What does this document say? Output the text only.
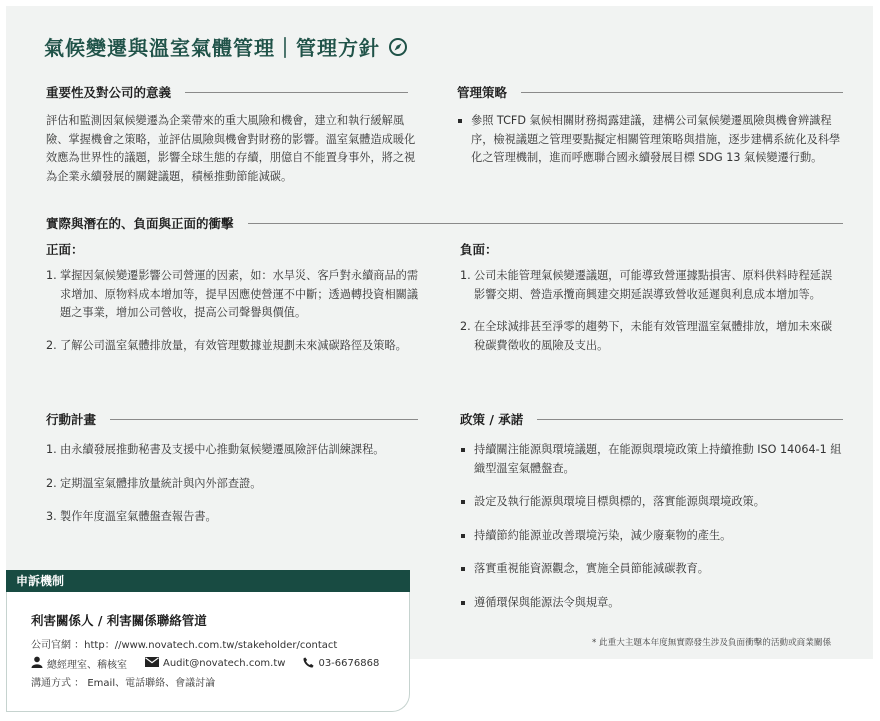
氣候變遷與溫室氣體管理｜管理方針
重要性及對公司的意義
評估和監測因氣候變遷為企業帶來的重大風險和機會，建立和執行緩解風險、掌握機會之策略，並評估風險與機會對財務的影響。溫室氣體造成暖化效應為世界性的議題，影響全球生態的存續，朋億自不能置身事外，將之視為企業永續發展的關鍵議題，積極推動節能減碳。
管理策略
參照 TCFD 氣候相關財務揭露建議，建構公司氣候變遷風險與機會辨識程序，檢視議題之管理要點擬定相關管理策略與措施，逐步建構系統化及科學化之管理機制，進而呼應聯合國永續發展目標 SDG 13 氣候變遷行動。
實際與潛在的、負面與正面的衝擊
正面：
1. 掌握因氣候變遷影響公司營運的因素，如：水旱災、客戶對永續商品的需求增加、原物料成本增加等，提早因應使營運不中斷；透過轉投資相關議題之事業，增加公司營收，提高公司聲譽與價值。
2. 了解公司溫室氣體排放量，有效管理數據並規劃未來減碳路徑及策略。
負面：
1. 公司未能管理氣候變遷議題，可能導致營運據點損害、原料供料時程延誤影響交期、營造承攬商興建交期延誤導致營收延遲與利息成本增加等。
2. 在全球減排甚至淨零的趨勢下，未能有效管理溫室氣體排放，增加未來碳稅碳費徵收的風險及支出。
行動計畫
1. 由永續發展推動秘書及支援中心推動氣候變遷風險評估訓練課程。
2. 定期溫室氣體排放量統計與內外部查證。
3. 製作年度溫室氣體盤查報告書。
政策 / 承諾
持續關注能源與環境議題，在能源與環境政策上持續推動 ISO 14064-1 組織型溫室氣體盤查。
設定及執行能源與環境目標與標的，落實能源與環境政策。
持續節約能源並改善環境污染，減少廢棄物的產生。
落實重視能資源觀念，實施全員節能減碳教育。
遵循環保與能源法令與規章。
申訴機制
利害關係人 / 利害關係聯絡管道
公司官網 ：http：//www.novatech.com.tw/stakeholder/contact
總經理室、稽核室	Audit@novatech.com.tw	03-6676868
溝通方式 ： Email、電話聯絡、會議討論
* 此重大主題本年度無實際發生涉及負面衝擊的活動或商業關係
